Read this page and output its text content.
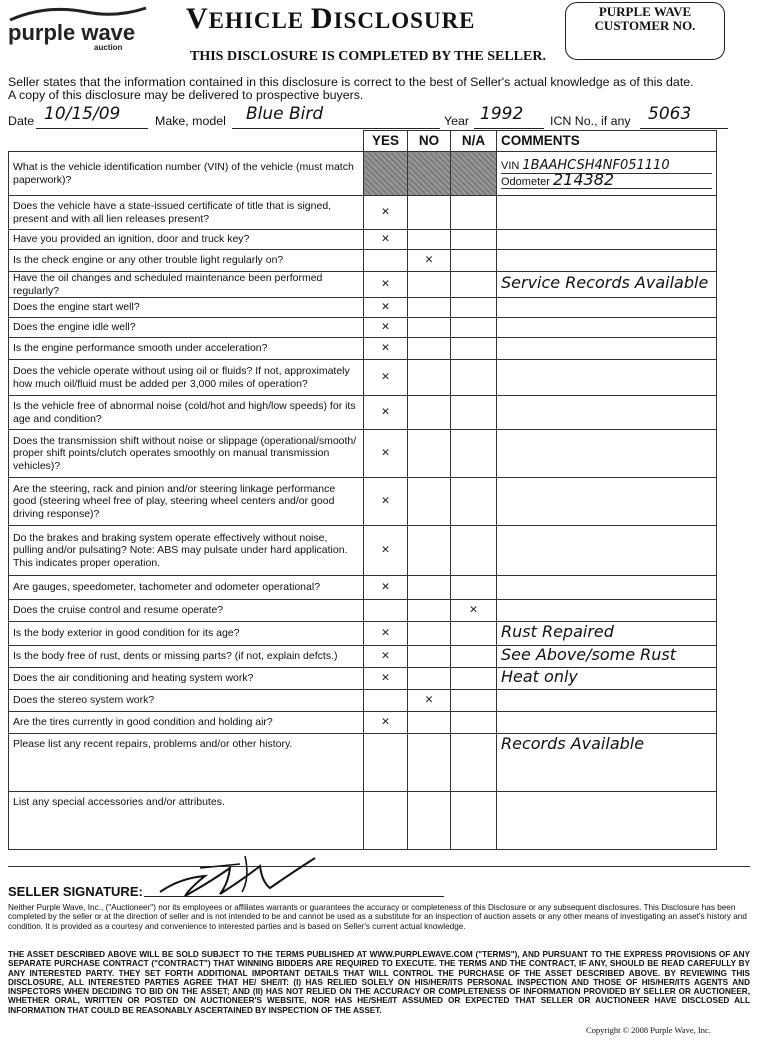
purple wave
auction
VEHICLE DISCLOSURE
THIS DISCLOSURE IS COMPLETED BY THE SELLER.
PURPLE WAVE
CUSTOMER NO.
Seller states that the information contained in this disclosure is correct to the best of Seller's actual knowledge as of this date.
A copy of this disclosure may be delivered to prospective buyers.
Date 10/15/09	Make, model Blue Bird	Year 1992 ICN No., if any 5063
	YES	NO	N/A	COMMENTS
What is the vehicle identification number (VIN) of the vehicle (must match paperwork)?				VIN 1BAAHCSH4NF051110
Odometer 214382

Does the vehicle have a state-issued certificate of title that is signed, present and with all lien releases present?	✕			
Have you provided an ignition, door and truck key?	✕			
Is the check engine or any other trouble light regularly on?		✕		
Have the oil changes and scheduled maintenance been performed regularly?	✕			Service Records Available
Does the engine start well?	✕			
Does the engine idle well?	✕			
Is the engine performance smooth under acceleration?	✕			
Does the vehicle operate without using oil or fluids? If not, approximately how much oil/fluid must be added per 3,000 miles of operation?	✕			
Is the vehicle free of abnormal noise (cold/hot and high/low speeds) for its age and condition?	✕			
Does the transmission shift without noise or slippage (operational/smooth/ proper shift points/clutch operates smoothly on manual transmission vehicles)?	✕			
Are the steering, rack and pinion and/or steering linkage performance good (steering wheel free of play, steering wheel centers and/or good driving response)?	✕			
Do the brakes and braking system operate effectively without noise, pulling and/or pulsating? Note: ABS may pulsate under hard application. This indicates proper operation.	✕			
Are gauges, speedometer, tachometer and odometer operational?	✕			
Does the cruise control and resume operate?			✕	
Is the body exterior in good condition for its age?	✕			Rust Repaired
Is the body free of rust, dents or missing parts? (if not, explain defcts.)	✕			See Above/some Rust
Does the air conditioning and heating system work?	✕			Heat only
Does the stereo system work?		✕		
Are the tires currently in good condition and holding air?	✕			
Please list any recent repairs, problems and/or other history.				Records Available
List any special accessories and/or attributes.				
SELLER SIGNATURE:
Neither Purple Wave, Inc., ("Auctioneer") nor its employees or affiliates warrants or guarantees the accuracy or completeness of this Disclosure or any subsequent disclosures. This Disclosure has been completed by the seller or at the direction of seller and is not intended to be and cannot be used as a substitute for an inspection of auction assets or any other means of investigating an asset's history and condition. It is provided as a courtesy and convenience to interested parties and is based on Seller's current actual knowledge.
THE ASSET DESCRIBED ABOVE WILL BE SOLD SUBJECT TO THE TERMS PUBLISHED AT WWW.PURPLEWAVE.COM ("TERMS"), AND PURSUANT TO THE EXPRESS PROVISIONS OF ANY SEPARATE PURCHASE CONTRACT ("CONTRACT") THAT WINNING BIDDERS ARE REQUIRED TO EXECUTE. THE TERMS AND THE CONTRACT, IF ANY, SHOULD BE READ CAREFULLY BY ANY INTERESTED PARTY. THEY SET FORTH ADDITIONAL IMPORTANT DETAILS THAT WILL CONTROL THE PURCHASE OF THE ASSET DESCRIBED ABOVE. BY REVIEWING THIS DISCLOSURE, ALL INTERESTED PARTIES AGREE THAT HE/ SHE/IT: (I) HAS RELIED SOLELY ON HIS/HER/ITS PERSONAL INSPECTION AND THOSE OF HIS/HER/ITS AGENTS AND INSPECTORS WHEN DECIDING TO BID ON THE ASSET; AND (II) HAS NOT RELIED ON THE ACCURACY OR COMPLETENESS OF INFORMATION PROVIDED BY SELLER OR AUCTIONEER, WHETHER ORAL, WRITTEN OR POSTED ON AUCTIONEER'S WEBSITE, NOR HAS HE/SHE/IT ASSUMED OR EXPECTED THAT SELLER OR AUCTIONEER HAVE DISCLOSED ALL INFORMATION THAT COULD BE REASONABLY ASCERTAINED BY INSPECTION OF THE ASSET.
Copyright © 2008 Purple Wave, Inc.
